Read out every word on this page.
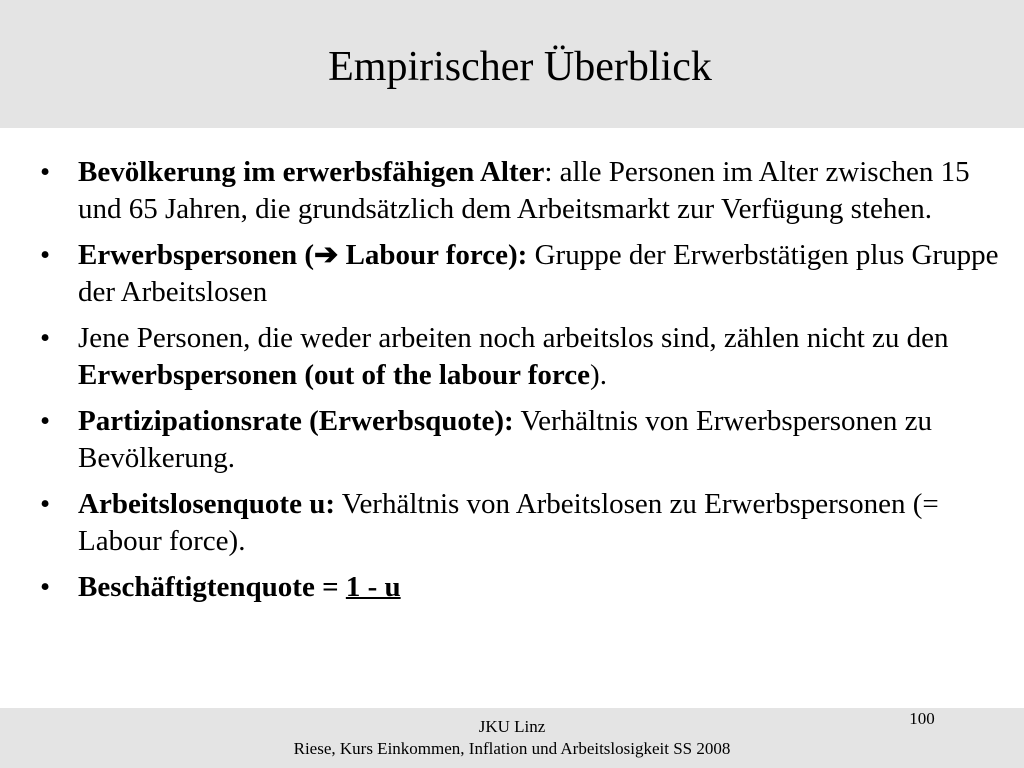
Empirischer Überblick
• Bevölkerung im erwerbsfähigen Alter: alle Personen im Alter zwischen 15 und 65 Jahren, die grundsätzlich dem Arbeitsmarkt zur Verfügung stehen.
• Erwerbspersonen (➔ Labour force): Gruppe der Erwerbstätigen plus Gruppe der Arbeitslosen
• Jene Personen, die weder arbeiten noch arbeitslos sind, zählen nicht zu den Erwerbspersonen (out of the labour force).
• Partizipationsrate (Erwerbsquote): Verhältnis von Erwerbspersonen zu Bevölkerung.
• Arbeitslosenquote u: Verhältnis von Arbeitslosen zu Erwerbspersonen (= Labour force).
• Beschäftigtenquote = 1 - u
JKU Linz
Riese, Kurs Einkommen, Inflation und Arbeitslosigkeit SS 2008
100
